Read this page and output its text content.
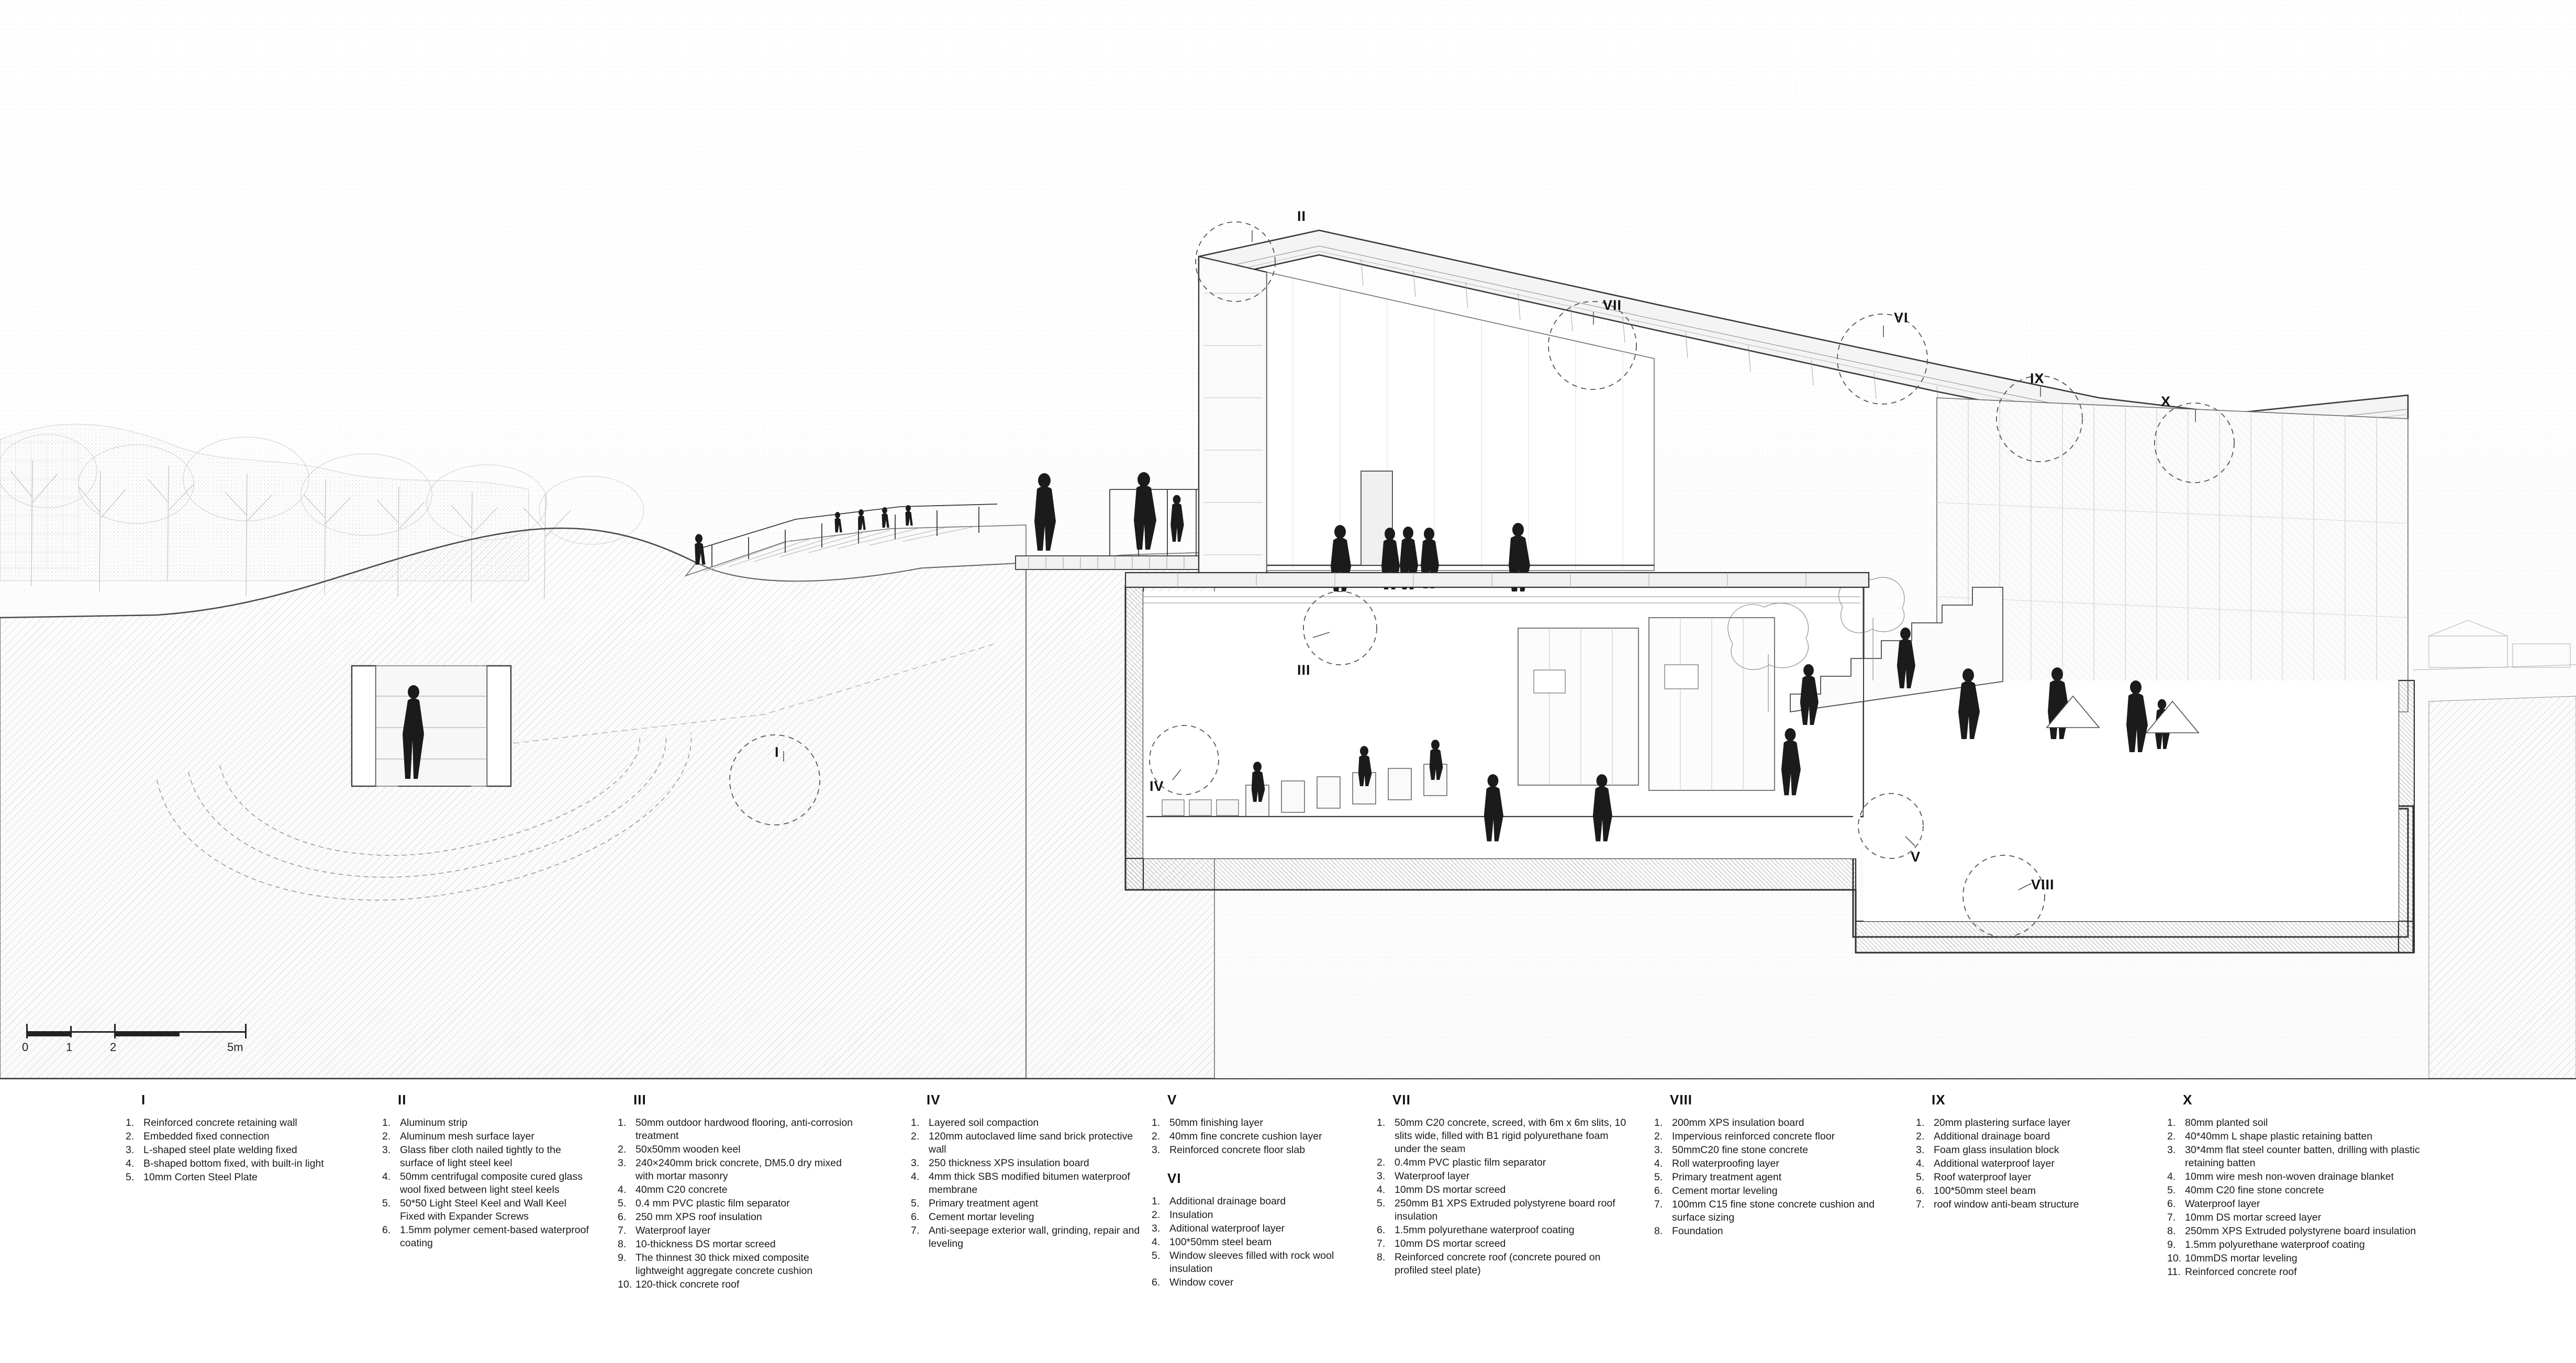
I
II
III
IV
V
VI
VII
VIII
IX
X
0	1	2	5m
I
1. Reinforced concrete retaining wall
2. Embedded fixed connection
3. L-shaped steel plate welding fixed
4. B-shaped bottom fixed, with built-in light
5. 10mm Corten Steel Plate
II
1. Aluminum strip
2. Aluminum mesh surface layer
3. Glass fiber cloth nailed tightly to the surface of light steel keel
4. 50mm centrifugal composite cured glass wool fixed between light steel keels
5. 50*50 Light Steel Keel and Wall Keel Fixed with Expander Screws
6. 1.5mm polymer cement-based waterproof coating
III
1. 50mm outdoor hardwood flooring, anti-corrosion treatment
2. 50x50mm wooden keel
3. 240×240mm brick concrete, DM5.0 dry mixed with mortar masonry
4. 40mm C20 concrete
5. 0.4 mm PVC plastic film separator
6. 250 mm XPS roof insulation
7. Waterproof layer
8. 10-thickness DS mortar screed
9. The thinnest 30 thick mixed composite lightweight aggregate concrete cushion
10. 120-thick concrete roof
IV
1. Layered soil compaction
2. 120mm autoclaved lime sand brick protective wall
3. 250 thickness XPS insulation board
4. 4mm thick SBS modified bitumen waterproof membrane
5. Primary treatment agent
6. Cement mortar leveling
7. Anti-seepage exterior wall, grinding, repair and leveling
V
1. 50mm finishing layer
2. 40mm fine concrete cushion layer
3. Reinforced concrete floor slab
VI
1. Additional drainage board
2. Insulation
3. Aditional waterproof layer
4. 100*50mm steel beam
5. Window sleeves filled with rock wool insulation
6. Window cover
VII
1. 50mm C20 concrete, screed, with 6m x 6m slits, 10 slits wide, filled with B1 rigid polyurethane foam under the seam
2. 0.4mm PVC plastic film separator
3. Waterproof layer
4. 10mm DS mortar screed
5. 250mm B1 XPS Extruded polystyrene board roof insulation
6. 1.5mm polyurethane waterproof coating
7. 10mm DS mortar screed
8. Reinforced concrete roof (concrete poured on profiled steel plate)
VIII
1. 200mm XPS insulation board
2. Impervious reinforced concrete floor
3. 50mmC20 fine stone concrete
4. Roll waterproofing layer
5. Primary treatment agent
6. Cement mortar leveling
7. 100mm C15 fine stone concrete cushion and surface sizing
8. Foundation
IX
1. 20mm plastering surface layer
2. Additional drainage board
3. Foam glass insulation block
4. Additional waterproof layer
5. Roof waterproof layer
6. 100*50mm steel beam
7. roof window anti-beam structure
X
1. 80mm planted soil
2. 40*40mm L shape plastic retaining batten
3. 30*4mm flat steel counter batten, drilling with plastic retaining batten
4. 10mm wire mesh non-woven drainage blanket
5. 40mm C20 fine stone concrete
6. Waterproof layer
7. 10mm DS mortar screed layer
8. 250mm XPS Extruded polystyrene board insulation
9. 1.5mm polyurethane waterproof coating
10. 10mmDS mortar leveling
11. Reinforced concrete roof
